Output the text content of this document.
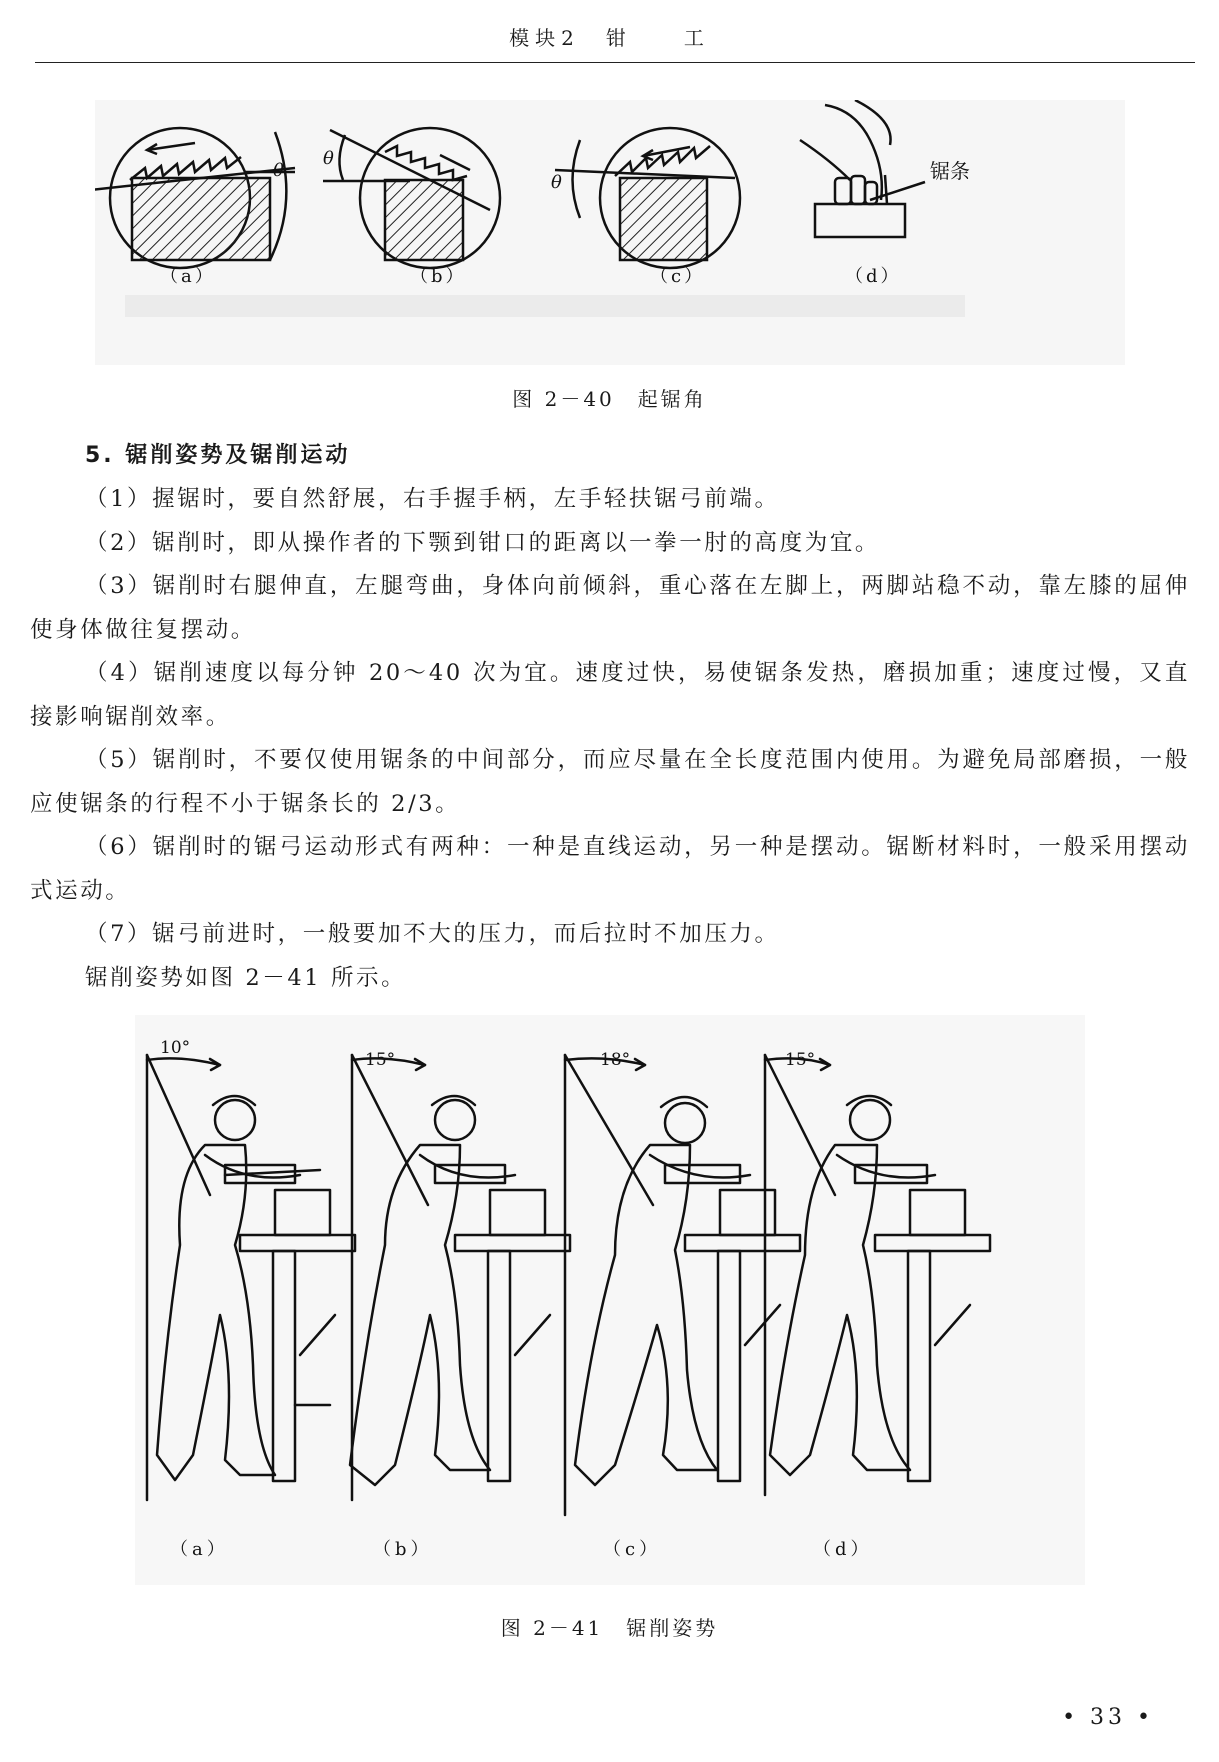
模块2　钳　　工
θ
θ
θ	锯条
（a）	（b）	（c）	（d）
图 2－40　起锯角
5. 锯削姿势及锯削运动

（1）握锯时，要自然舒展，右手握手柄，左手轻扶锯弓前端。

（2）锯削时，即从操作者的下颚到钳口的距离以一拳一肘的高度为宜。

（3）锯削时右腿伸直，左腿弯曲，身体向前倾斜，重心落在左脚上，两脚站稳不动，靠左膝的屈伸使身体做往复摆动。

（4）锯削速度以每分钟 20～40 次为宜。速度过快，易使锯条发热，磨损加重；速度过慢，又直接影响锯削效率。

（5）锯削时，不要仅使用锯条的中间部分，而应尽量在全长度范围内使用。为避免局部磨损，一般应使锯条的行程不小于锯条长的 2/3。

（6）锯削时的锯弓运动形式有两种：一种是直线运动，另一种是摆动。锯断材料时，一般采用摆动式运动。

（7）锯弓前进时，一般要加不大的压力，而后拉时不加压力。

锯削姿势如图 2－41 所示。

10°
15°	18°	15°
（a）	（b）	（c）	（d）
图 2－41　锯削姿势
• 33 •
